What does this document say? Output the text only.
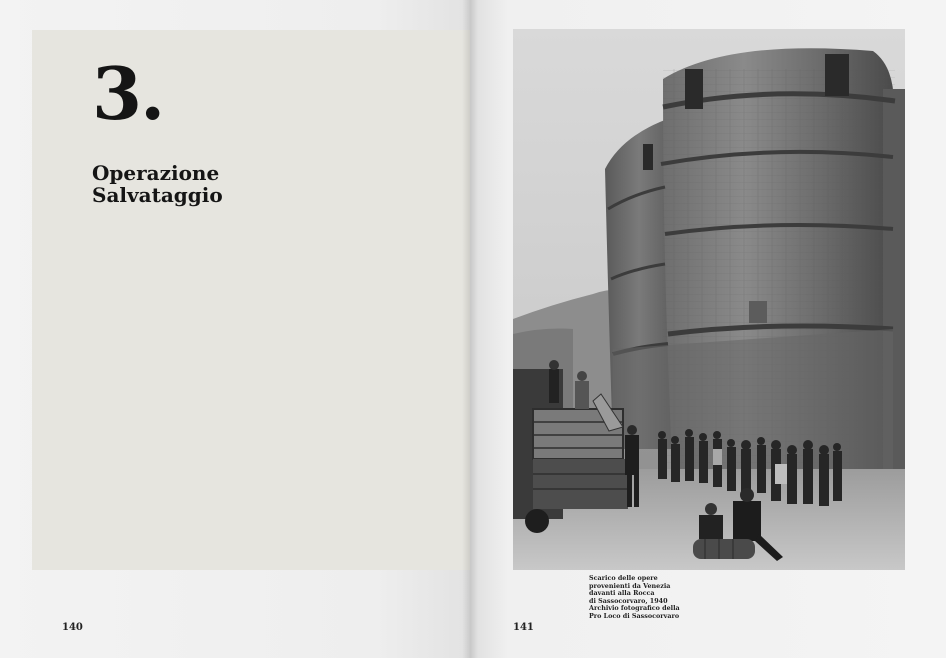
3.
Operazione
Salvataggio
140
Scarico delle opere
provenienti da Venezia
davanti alla Rocca
di Sassocorvaro, 1940
Archivio fotografico della
Pro Loco di Sassocorvaro
141
